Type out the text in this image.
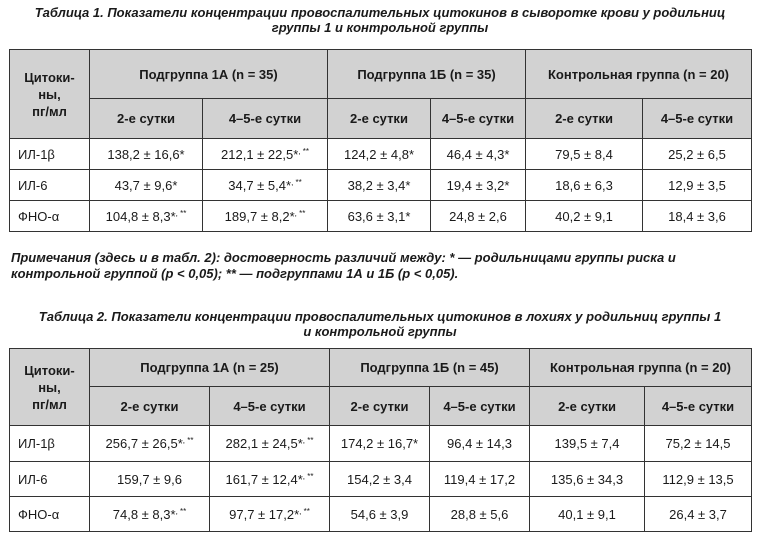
Таблица 1. Показатели концентрации провоспалительных цитокинов в сыворотке крови у родильниц
группы 1 и контрольной группы
Цитоки-
ны,
пг/мл	Подгруппа 1А (n = 35)		Подгруппа 1Б (n = 35)		Контрольная группа (n = 20)	
	2-е сутки	4–5-е сутки	2-е сутки	4–5-е сутки	2-е сутки	4–5-е сутки
ИЛ-1β	138,2 ± 16,6*	212,1 ± 22,5*, **	124,2 ± 4,8*	46,4 ± 4,3*	79,5 ± 8,4	25,2 ± 6,5
ИЛ-6	43,7 ± 9,6*	34,7 ± 5,4*, **	38,2 ± 3,4*	19,4 ± 3,2*	18,6 ± 6,3	12,9 ± 3,5
ФНО-α	104,8 ± 8,3*, **	189,7 ± 8,2*, **	63,6 ± 3,1*	24,8 ± 2,6	40,2 ± 9,1	18,4 ± 3,6
Примечания (здесь и в табл. 2): достоверность различий между: * — родильницами группы риска и
контрольной группой (p < 0,05); ** — подгруппами 1А и 1Б (p < 0,05).
Таблица 2. Показатели концентрации провоспалительных цитокинов в лохиях у родильниц группы 1
и контрольной группы
Цитоки-
ны,
пг/мл	Подгруппа 1А (n = 25)		Подгруппа 1Б (n = 45)		Контрольная группа (n = 20)	
	2-е сутки	4–5-е сутки	2-е сутки	4–5-е сутки	2-е сутки	4–5-е сутки
ИЛ-1β	256,7 ± 26,5*, **	282,1 ± 24,5*, **	174,2 ± 16,7*	96,4 ± 14,3	139,5 ± 7,4	75,2 ± 14,5
ИЛ-6	159,7 ± 9,6	161,7 ± 12,4*, **	154,2 ± 3,4	119,4 ± 17,2	135,6 ± 34,3	112,9 ± 13,5
ФНО-α	74,8 ± 8,3*, **	97,7 ± 17,2*, **	54,6 ± 3,9	28,8 ± 5,6	40,1 ± 9,1	26,4 ± 3,7
